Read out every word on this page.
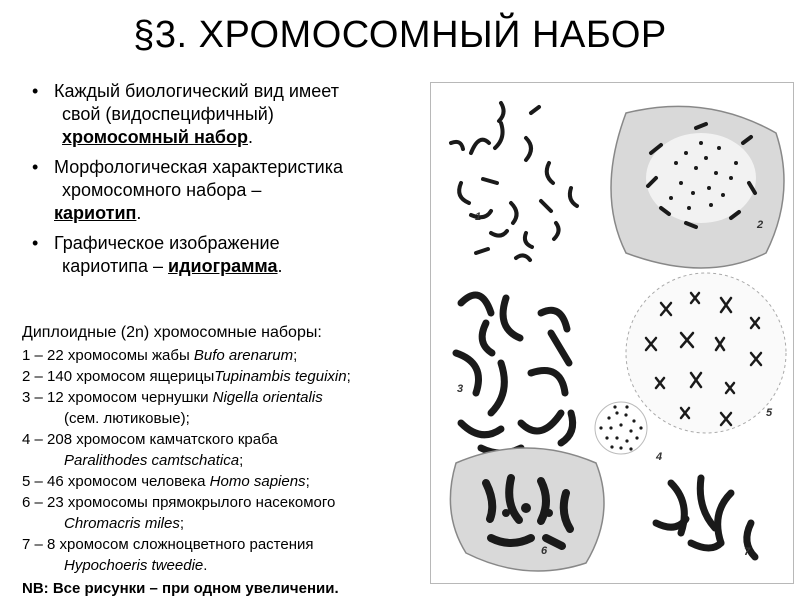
§3. ХРОМОСОМНЫЙ НАБОР
• Каждый биологический вид имеет
свой (видоспецифичный)
хромосомный набор.
• Морфологическая характеристика
хромосомного набора –
кариотип.
• Графическое изображение
кариотипа – идиограмма.
Диплоидные (2n) хромосомные наборы:
1 – 22 хромосомы жабы Bufo arenarum;
2 – 140 хромосом ящерицыTupinambis teguixin;
3 – 12 хромосом чернушки Nigella orientalis
(сем. лютиковые);
4 – 208 хромосом камчатского краба
Paralithodes camtschatica;
5 – 46 хромосом человека Homo sapiens;
6 – 23 хромосомы прямокрылого насекомого
Chromacris miles;
7 – 8 хромосом сложноцветного растения
Hypochoeris tweedie.
NB: Все рисунки – при одном увеличении.
1
2
3
4
5
6	7
